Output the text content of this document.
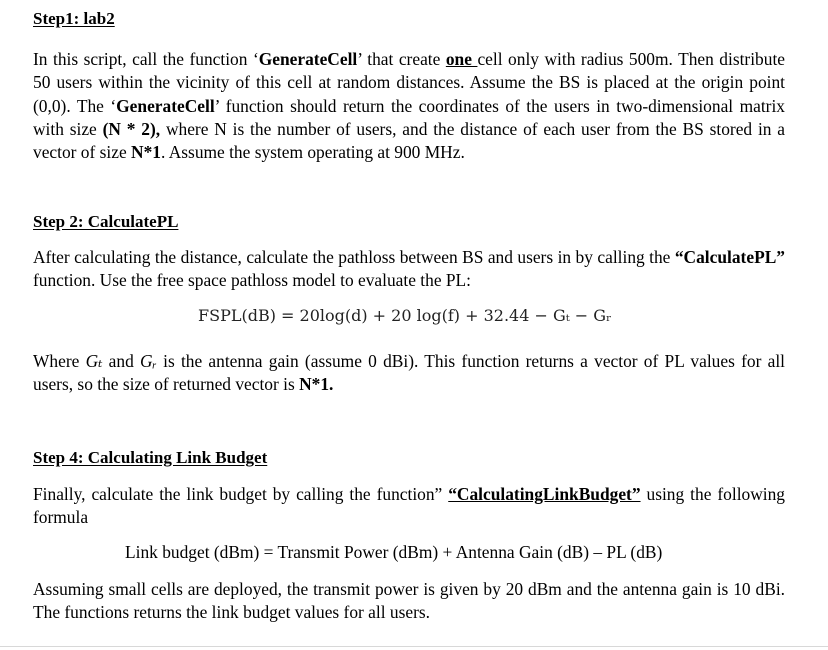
Step1: lab2
In this script, call the function ‘GenerateCell’ that create one cell only with radius 500m. Then distribute 50 users within the vicinity of this cell at random distances. Assume the BS is placed at the origin point (0,0). The ‘GenerateCell’ function should return the coordinates of the users in two-dimensional matrix with size (N * 2), where N is the number of users, and the distance of each user from the BS stored in a vector of size N*1. Assume the system operating at 900 MHz.
Step 2: CalculatePL
After calculating the distance, calculate the pathloss between BS and users in by calling the “CalculatePL” function. Use the free space pathloss model to evaluate the PL:
FSPL(dB) = 20log(d) + 20 log(f) + 32.44 − Gₜ − Gᵣ
Where Gₜ and Gᵣ is the antenna gain (assume 0 dBi). This function returns a vector of PL values for all users, so the size of returned vector is N*1.
Step 4: Calculating Link Budget
Finally, calculate the link budget by calling the function” “CalculatingLinkBudget” using the following formula
Link budget (dBm) = Transmit Power (dBm) + Antenna Gain (dB) – PL (dB)
Assuming small cells are deployed, the transmit power is given by 20 dBm and the antenna gain is 10 dBi. The functions returns the link budget values for all users.
